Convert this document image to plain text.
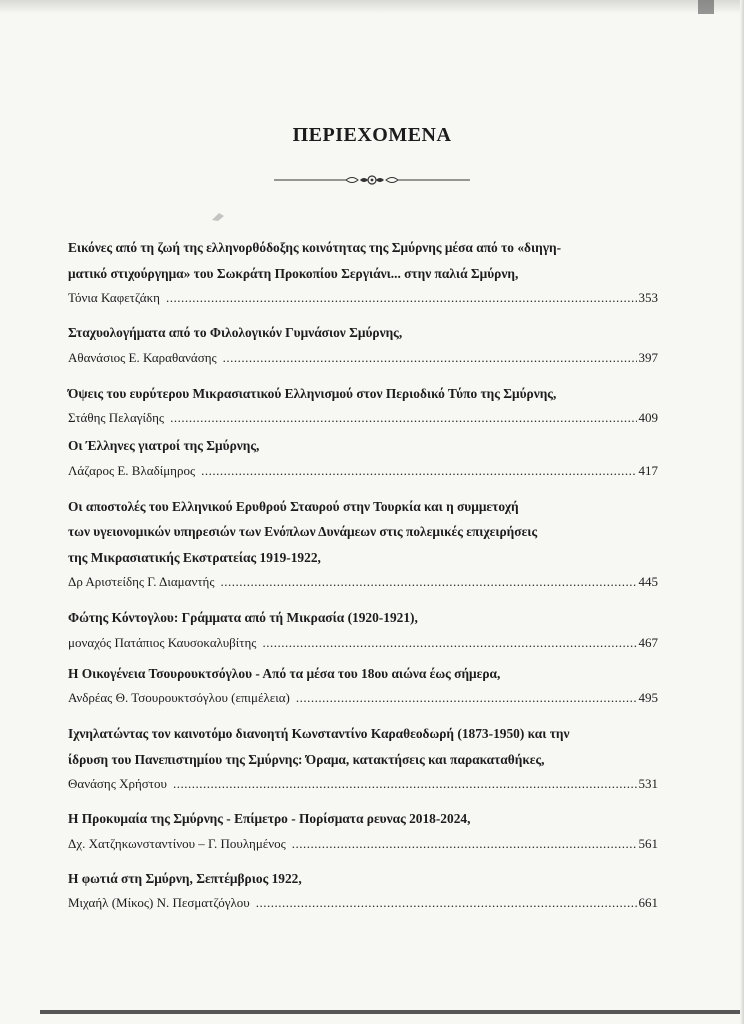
ΠΕΡΙΕΧΟΜΕΝΑ
Εικόνες από τη ζωή της ελληνορθόδοξης κοινότητας της Σμύρνης μέσα από το «διηγη-
ματικό στιχούργημα» του Σωκράτη Προκοπίου Σεργιάνι... στην παλιά Σμύρνη,
Τόνια Καφετζάκη .....	353
Σταχυολογήματα από το Φιλολογικόν Γυμνάσιον Σμύρνης,
Αθανάσιος Ε. Καραθανάσης .....	397
Όψεις του ευρύτερου Μικρασιατικού Ελληνισμού στον Περιοδικό Τύπο της Σμύρνης,
Στάθης Πελαγίδης .....	409
Οι Έλληνες γιατροί της Σμύρνης,
Λάζαρος Ε. Βλαδίμηρος .....	417
Οι αποστολές του Ελληνικού Ερυθρού Σταυρού στην Τουρκία και η συμμετοχή
των υγειονομικών υπηρεσιών των Ενόπλων Δυνάμεων στις πολεμικές επιχειρήσεις
της Μικρασιατικής Εκστρατείας 1919-1922,
Δρ Αριστείδης Γ. Διαμαντής .....	445
Φώτης Κόντογλου: Γράμματα από τή Μικρασία (1920-1921),
μοναχός Πατάπιος Καυσοκαλυβίτης .....	467
Η Οικογένεια Τσουρουκτσόγλου - Από τα μέσα του 18ου αιώνα έως σήμερα,
Ανδρέας Θ. Τσουρουκτσόγλου (επιμέλεια) .....	495
Ιχνηλατώντας τον καινοτόμο διανοητή Κωνσταντίνο Καραθεοδωρή (1873-1950) και την
ίδρυση του Πανεπιστημίου της Σμύρνης: Όραμα, κατακτήσεις και παρακαταθήκες,
Θανάσης Χρήστου .....	531
Η Προκυμαία της Σμύρνης - Επίμετρο - Πορίσματα ρευνας 2018-2024,
Δχ. Χατζηκωνσταντίνου – Γ. Πουλημένος .....	561
Η φωτιά στη Σμύρνη, Σεπτέμβριος 1922,
Μιχαήλ (Μίκος) Ν. Πεσματζόγλου .....	661
